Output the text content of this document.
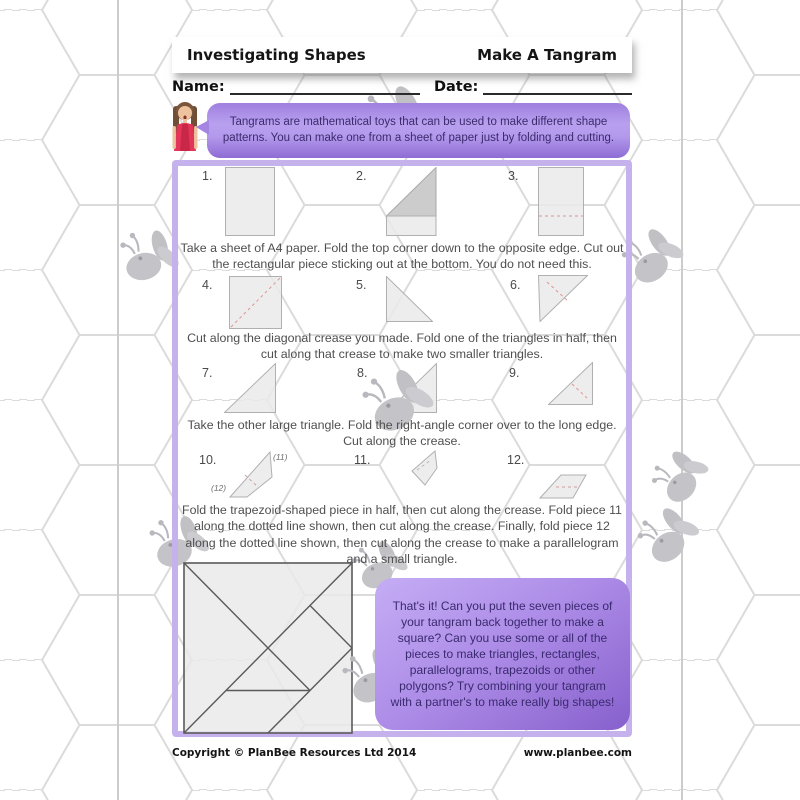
Investigating Shapes	Make A Tangram
Name:	Date:
Tangrams are mathematical toys that can be used to make different shape patterns. You can make one from a sheet of paper just by folding and cutting.
1.	2.	3.
Take a sheet of A4 paper. Fold the top corner down to the opposite edge. Cut out the rectangular piece sticking out at the bottom. You do not need this.
4.	5.	6.
Cut along the diagonal crease you made. Fold one of the triangles in half, then cut along that crease to make two smaller triangles.
7.	8.	9.
Take the other large triangle. Fold the right-angle corner over to the long edge. Cut along the crease.
10.	11.	12.
(11)
(12)
Fold the trapezoid-shaped piece in half, then cut along the crease. Fold piece 11 along the dotted line shown, then cut along the crease. Finally, fold piece 12 along the dotted line shown, then cut along the crease to make a parallelogram and a small triangle.
That's it! Can you put the seven pieces of your tangram back together to make a square? Can you use some or all of the pieces to make triangles, rectangles, parallelograms, trapezoids or other polygons? Try combining your tangram with a partner's to make really big shapes!
Copyright © PlanBee Resources Ltd 2014	www.planbee.com
